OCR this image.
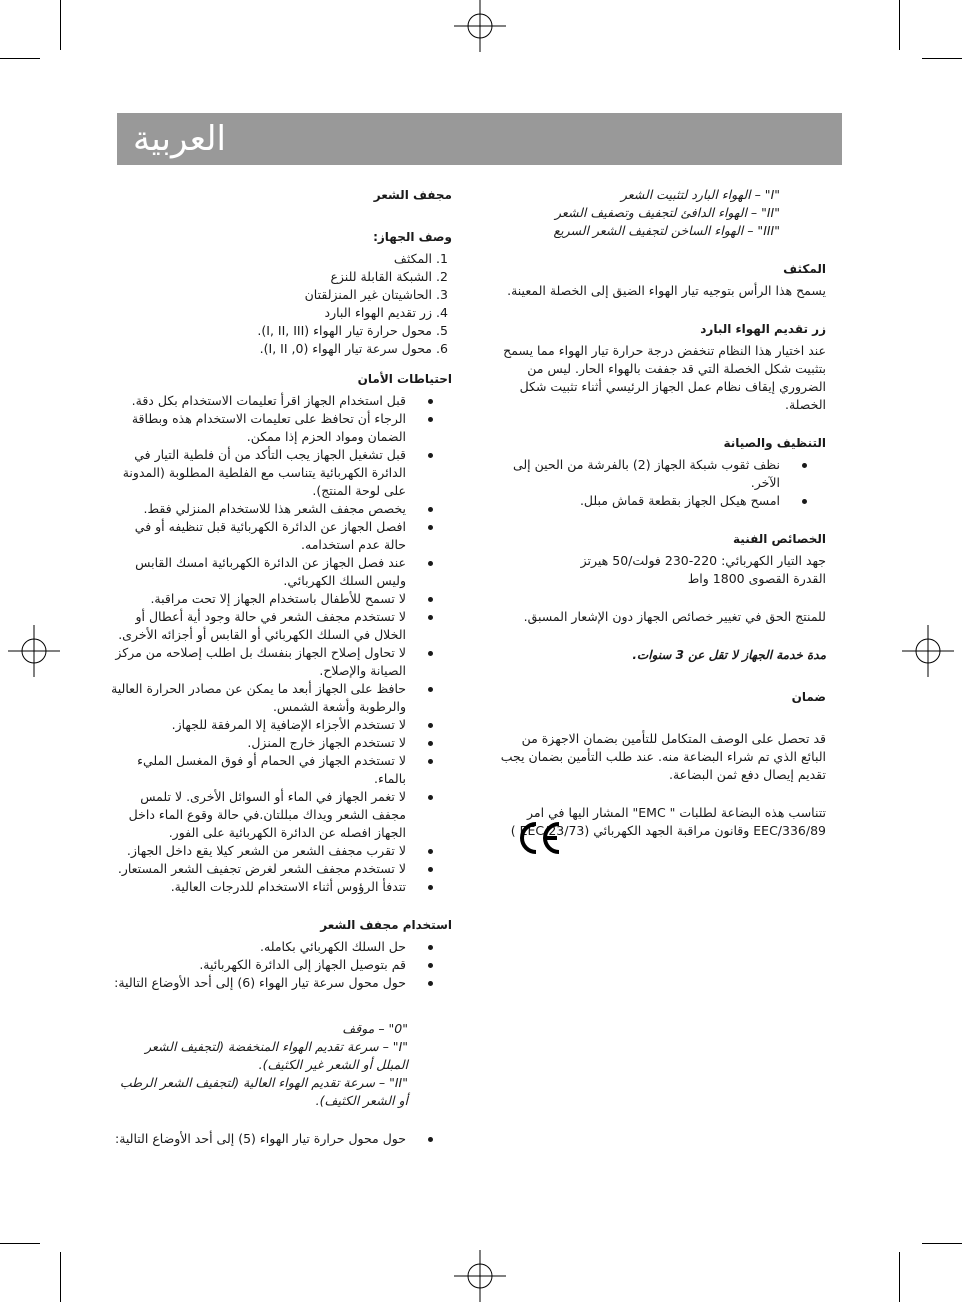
العربية
مجفف الشعر
وصف الجهاز:
1. المكثف
2. الشبكة القابلة للنزع
3. الحاشيتان غير المنزلقتان
4. زر تقديم الهواء البارد
5. محول حرارة تيار الهواء (I, II, III).
6. محول سرعة تيار الهواء (0, I, II).
احتياطات الأمان
قبل استخدام الجهاز اقرأ تعليمات الاستخدام بكل دقة.
الرجاء أن تحافظ على تعليمات الاستخدام هذه وبطاقة الضمان ومواد الحزم إذا ممكن.
قبل تشغيل الجهاز يجب التأكد من أن فلطية التيار في الدائرة الكهربائية يتناسب مع الفلطية المطلوبة (المدونة على لوحة المنتج).
يخصص مجفف الشعر هذا للاستخدام المنزلي فقط.
افصل الجهاز عن الدائرة الكهربائية قبل تنظيفه أو في حالة عدم استخدامه.
عند فصل الجهاز عن الدائرة الكهربائية امسك القابس وليس السلك الكهربائي.
لا تسمح للأطفال باستخدام الجهاز إلا تحت مراقبة.
لا تستخدم مجفف الشعر في حالة وجود أية أعطال أو الخلال في السلك الكهربائي أو القابس أو أجزائه الأخرى.
لا تحاول إصلاح الجهاز بنفسك بل اطلب إصلاحه من مركز الصيانة والإصلاح.
حافظ على الجهاز أبعد ما يمكن عن مصادر الحرارة العالية والرطوبة وأشعة الشمس.
لا تستخدم الأجزاء الإضافية إلا المرفقة للجهاز.
لا تستخدم الجهاز خارج المنزل.
لا تستخدم الجهاز في الحمام أو فوق المغسل المليء بالماء.
لا تغمر الجهاز في الماء أو السوائل الأخرى. لا تلمس مجفف الشعر ويداك مبللتان.في حالة وقوع الماء داخل الجهاز افصله عن الدائرة الكهربائية على الفور.
لا تقرب مجفف الشعر من الشعر كيلا يقع داخل الجهاز.
لا تستخدم مجفف الشعر لغرض تجفيف الشعر المستعار.
تتدفأ الرؤوس أثناء الاستخدام للدرجات العالية.
استخدام مجفف الشعر
حل السلك الكهربائي بكامله.
قم بتوصيل الجهاز إلى الدائرة الكهربائية.
حول محول سرعة تيار الهواء (6) إلى أحد الأوضاع التالية:

"0" – موقف

"I" – سرعة تقديم الهواء المنخفضة (لتجفيف الشعر المبلل أو الشعر غير الكثيف).

"II" – سرعة تقديم الهواء العالية (لتجفيف الشعر الرطب أو الشعر الكثيف).

حول محول حرارة تيار الهواء (5) إلى أحد الأوضاع التالية:

"I" – الهواء البارد لتثبيت الشعر

"II" – الهواء الدافئ لتجفيف وتصفيف الشعر

"III" – الهواء الساخن لتجفيف الشعر السريع

المكثف

يسمح هذا الرأس بتوجيه تيار الهواء الضيق إلى الخصلة المعينة.

زر تقديم الهواء البارد

عند اختيار هذا النظام تنخفض درجة حرارة تيار الهواء مما يسمح بتثبيت شكل الخصلة التي قد جففت بالهواء الحار. ليس من الضروري إيقاف نظام عمل الجهاز الرئيسي أثناء تثبيت شكل الخصلة.

التنظيف والصيانة
نظف ثقوب شبكة الجهاز (2) بالفرشة من الحين إلى الآخر.
امسح هيكل الجهاز بقطعة قماش مبلل.
الخصائص الفنية

جهد التيار الكهربائي: 220-230 فولت/50 هيرتز

القدرة القصوى 1800 واط

للمنتج الحق في تغيير خصائص الجهاز دون الإشعار المسبق.

مدة خدمة الجهاز لا تقل عن 3 سنوات.
ضمان

قد تحصل على الوصف المتكامل للتأمين بضمان الاجهزة من البائع الذي تم شراء البضاعة منه. عند طلب التأمين بضمان يجب تقديم إيصال دفع ثمن البضاعة.

تتناسب هذه البضاعة لطلبات " EMC" المشار اليها في امر EEC/336/89 وقانون مراقبة الجهد الكهربائي (EEC/23/73 )
